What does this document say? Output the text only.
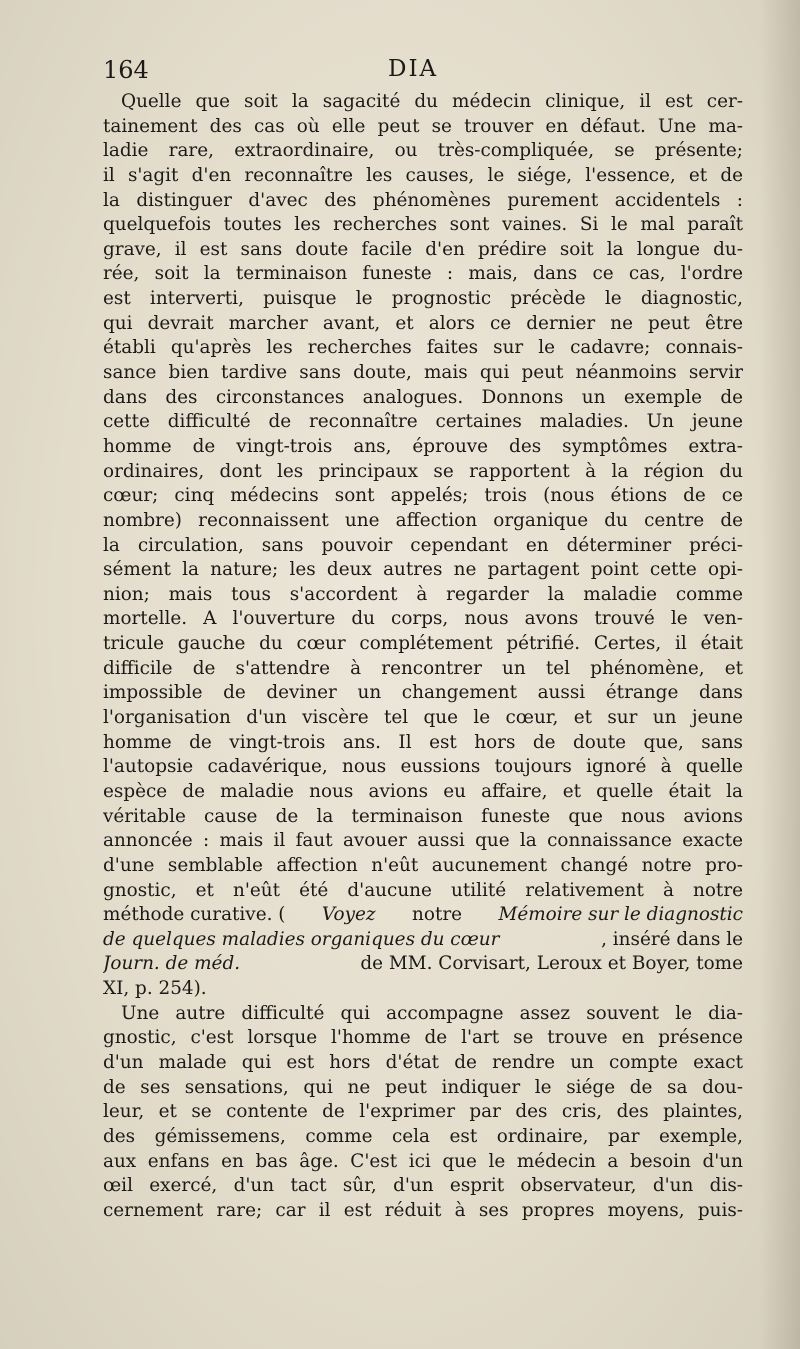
164	DIA
Quelle que soit la sagacité du médecin clinique, il est cer-
tainement des cas où elle peut se trouver en défaut. Une ma-
ladie rare, extraordinaire, ou très-compliquée, se présente;
il s'agit d'en reconnaître les causes, le siége, l'essence, et de
la distinguer d'avec des phénomènes purement accidentels :
quelquefois toutes les recherches sont vaines. Si le mal paraît
grave, il est sans doute facile d'en prédire soit la longue du-
rée, soit la terminaison funeste : mais, dans ce cas, l'ordre
est interverti, puisque le prognostic précède le diagnostic,
qui devrait marcher avant, et alors ce dernier ne peut être
établi qu'après les recherches faites sur le cadavre; connais-
sance bien tardive sans doute, mais qui peut néanmoins servir
dans des circonstances analogues. Donnons un exemple de
cette difficulté de reconnaître certaines maladies. Un jeune
homme de vingt-trois ans, éprouve des symptômes extra-
ordinaires, dont les principaux se rapportent à la région du
cœur; cinq médecins sont appelés; trois (nous étions de ce
nombre) reconnaissent une affection organique du centre de
la circulation, sans pouvoir cependant en déterminer préci-
sément la nature; les deux autres ne partagent point cette opi-
nion; mais tous s'accordent à regarder la maladie comme
mortelle. A l'ouverture du corps, nous avons trouvé le ven-
tricule gauche du cœur complétement pétrifié. Certes, il était
difficile de s'attendre à rencontrer un tel phénomène, et
impossible de deviner un changement aussi étrange dans
l'organisation d'un viscère tel que le cœur, et sur un jeune
homme de vingt-trois ans. Il est hors de doute que, sans
l'autopsie cadavérique, nous eussions toujours ignoré à quelle
espèce de maladie nous avions eu affaire, et quelle était la
véritable cause de la terminaison funeste que nous avions
annoncée : mais il faut avouer aussi que la connaissance exacte
d'une semblable affection n'eût aucunement changé notre pro-
gnostic, et n'eût été d'aucune utilité relativement à notre
méthode curative. ( Voyez notre Mémoire sur le diagnostic
de quelques maladies organiques du cœur	, inséré dans le
Journ. de méd.	de MM. Corvisart, Leroux et Boyer, tome
XI, p. 254).
Une autre difficulté qui accompagne assez souvent le dia-
gnostic, c'est lorsque l'homme de l'art se trouve en présence
d'un malade qui est hors d'état de rendre un compte exact
de ses sensations, qui ne peut indiquer le siége de sa dou-
leur, et se contente de l'exprimer par des cris, des plaintes,
des gémissemens, comme cela est ordinaire, par exemple,
aux enfans en bas âge. C'est ici que le médecin a besoin d'un
œil exercé, d'un tact sûr, d'un esprit observateur, d'un dis-
cernement rare; car il est réduit à ses propres moyens, puis-
